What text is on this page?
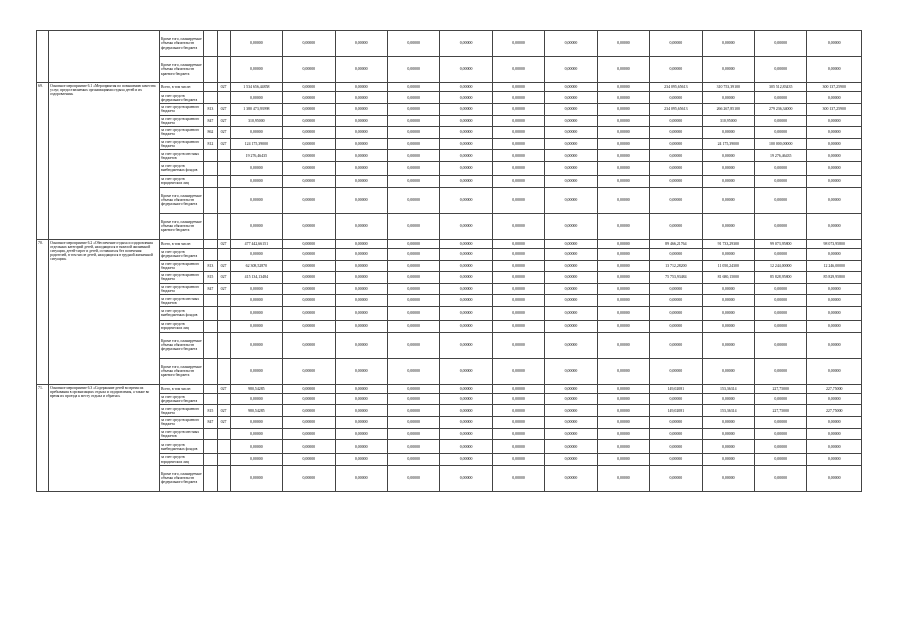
		Кроме того, планируемые объемы обязательств федерального бюджета			0,00000	0,00000	0,00000	0,00000	0,00000	0,00000	0,00000	0,00000	0,00000	0,00000	0,00000	0,00000
		Кроме того, планируемые объемы обязательств краевого бюджета			0,00000	0,00000	0,00000	0,00000	0,00000	0,00000	0,00000	0,00000	0,00000	0,00000	0,00000	0,00000
69.	Основное мероприятие 6.1 «Мероприятия по повышению качества услуг, предоставляемых организациями отдыха детей и их оздоровления»	Всего, в том числе:		027	1 534 656,44858	0,00000	0,00000	0,00000	0,00000	0,00000	0,00000	0,00000	234 095,65613	310 753,39100	305 512,83435	300 137,25900
		за счет средств федерального бюджета			0,00000	0,00000	0,00000	0,00000	0,00000	0,00000	0,00000	0,00000	0,00000	0,00000	0,00000	0,00000
		за счет средств краевого бюджета	813	027	1 380 473,93998	0,00000	0,00000	0,00000	0,00000	0,00000	0,00000	0,00000	234 095,65613	266 267,85100	279 236,34000	300 137,25900
		за счет средств краевого бюджета	847	027	310,95000	0,00000	0,00000	0,00000	0,00000	0,00000	0,00000	0,00000	0,00000	310,95000	0,00000	0,00000
		за счет средств краевого бюджета	862	027	0,00000	0,00000	0,00000	0,00000	0,00000	0,00000	0,00000	0,00000	0,00000	0,00000	0,00000	0,00000
		за счет средств краевого бюджета	812	027	124 175,39000	0,00000	0,00000	0,00000	0,00000	0,00000	0,00000	0,00000	0,00000	24 175,39000	100 000,00000	0,00000
		за счет средств местных бюджетов			19 276,46435	0,00000	0,00000	0,00000	0,00000	0,00000	0,00000	0,00000	0,00000	0,00000	19 276,46435	0,00000
		за счет средств внебюджетных фондов			0,00000	0,00000	0,00000	0,00000	0,00000	0,00000	0,00000	0,00000	0,00000	0,00000	0,00000	0,00000
		за счет средств юридических лиц			0,00000	0,00000	0,00000	0,00000	0,00000	0,00000	0,00000	0,00000	0,00000	0,00000	0,00000	0,00000
		Кроме того, планируемые объемы обязательств федерального бюджета			0,00000	0,00000	0,00000	0,00000	0,00000	0,00000	0,00000	0,00000	0,00000	0,00000	0,00000	0,00000
		Кроме того, планируемые объемы обязательств краевого бюджета			0,00000	0,00000	0,00000	0,00000	0,00000	0,00000	0,00000	0,00000	0,00000	0,00000	0,00000	0,00000
70.	Основное мероприятие 6.2 «Обеспечение отдыха и оздоровления отдельных категорий детей, находящихся в тяжелой жизненной ситуации, детей-сирот и детей, оставшихся без попечения родителей, в том числе детей, находящихся в трудной жизненной ситуации»	Всего, в том числе:		027	477 442,66151	0,00000	0,00000	0,00000	0,00000	0,00000	0,00000	0,00000	89 466,21764	91 733,29300	99 073,95800	98 073,95800
		за счет средств федерального бюджета			0,00000	0,00000	0,00000	0,00000	0,00000	0,00000	0,00000	0,00000	0,00000	0,00000	0,00000	0,00000
		за счет средств краевого бюджета	813	027	62 308,52870	0,00000	0,00000	0,00000	0,00000	0,00000	0,00000	0,00000	13 712,28200	11 050,24300	12 244,00000	12 246,00000
		за счет средств краевого бюджета	815	027	415 134,13484	0,00000	0,00000	0,00000	0,00000	0,00000	0,00000	0,00000	75 753,93484	81 680,15000	85 828,95800	85 829,95800
		за счет средств краевого бюджета	847	027	0,00000	0,00000	0,00000	0,00000	0,00000	0,00000	0,00000	0,00000	0,00000	0,00000	0,00000	0,00000
		за счет средств местных бюджетов			0,00000	0,00000	0,00000	0,00000	0,00000	0,00000	0,00000	0,00000	0,00000	0,00000	0,00000	0,00000
		за счет средств внебюджетных фондов			0,00000	0,00000	0,00000	0,00000	0,00000	0,00000	0,00000	0,00000	0,00000	0,00000	0,00000	0,00000
		за счет средств юридических лиц			0,00000	0,00000	0,00000	0,00000	0,00000	0,00000	0,00000	0,00000	0,00000	0,00000	0,00000	0,00000
		Кроме того, планируемые объемы обязательств федерального бюджета			0,00000	0,00000	0,00000	0,00000	0,00000	0,00000	0,00000	0,00000	0,00000	0,00000	0,00000	0,00000
		Кроме того, планируемые объемы обязательств краевого бюджета			0,00000	0,00000	0,00000	0,00000	0,00000	0,00000	0,00000	0,00000	0,00000	0,00000	0,00000	0,00000
71.	Основное мероприятие 6.3 «Содержание детей во время их пребывания в организациях отдыха и оздоровления, а также во время их проезда к месту отдыха и обратно»	Всего, в том числе:		027	980,54285	0,00000	0,00000	0,00000	0,00000	0,00000	0,00000	0,00000	149,02081	153,36314	227,75000	227,75000
		за счет средств федерального бюджета			0,00000	0,00000	0,00000	0,00000	0,00000	0,00000	0,00000	0,00000	0,00000	0,00000	0,00000	0,00000
		за счет средств краевого бюджета	815	027	980,54285	0,00000	0,00000	0,00000	0,00000	0,00000	0,00000	0,00000	149,02081	153,36314	227,75000	227,75000
		за счет средств краевого бюджета	847	027	0,00000	0,00000	0,00000	0,00000	0,00000	0,00000	0,00000	0,00000	0,00000	0,00000	0,00000	0,00000
		за счет средств местных бюджетов			0,00000	0,00000	0,00000	0,00000	0,00000	0,00000	0,00000	0,00000	0,00000	0,00000	0,00000	0,00000
		за счет средств внебюджетных фондов			0,00000	0,00000	0,00000	0,00000	0,00000	0,00000	0,00000	0,00000	0,00000	0,00000	0,00000	0,00000
		за счет средств юридических лиц			0,00000	0,00000	0,00000	0,00000	0,00000	0,00000	0,00000	0,00000	0,00000	0,00000	0,00000	0,00000
		Кроме того, планируемые объемы обязательств федерального бюджета			0,00000	0,00000	0,00000	0,00000	0,00000	0,00000	0,00000	0,00000	0,00000	0,00000	0,00000	0,00000
